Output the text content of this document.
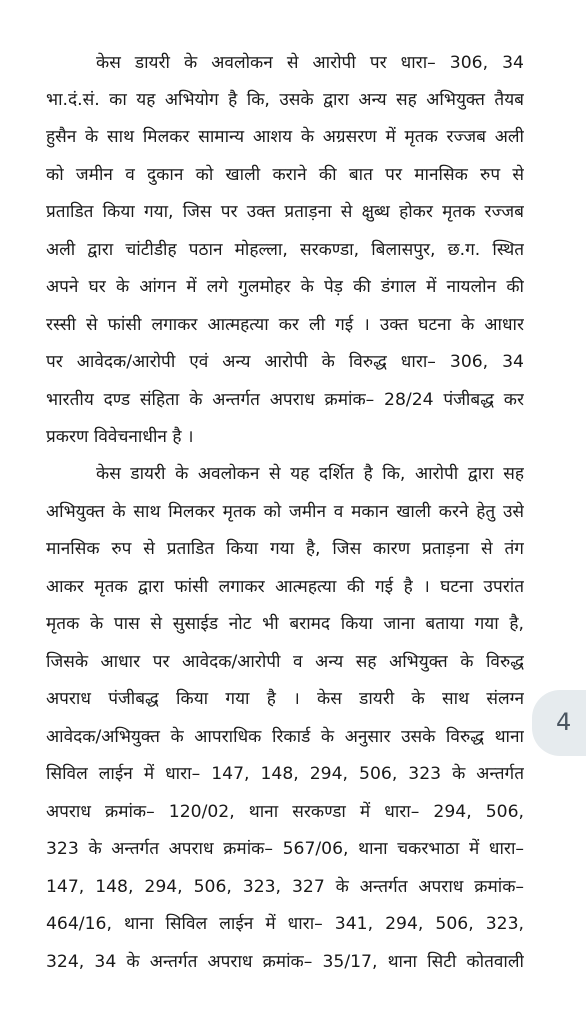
केस डायरी के अवलोकन से आरोपी पर धारा– 306, 34
भा.दं.सं. का यह अभियोग है कि, उसके द्वारा अन्य सह अभियुक्त तैयब
हुसैन के साथ मिलकर सामान्य आशय के अग्रसरण में मृतक रज्जब अली
को जमीन व दुकान को खाली कराने की बात पर मानसिक रुप से
प्रताडित किया गया, जिस पर उक्त प्रताड़ना से क्षुब्ध होकर मृतक रज्जब
अली द्वारा चांटीडीह पठान मोहल्ला, सरकण्डा, बिलासपुर, छ.ग. स्थित
अपने घर के आंगन में लगे गुलमोहर के पेड़ की डंगाल में नायलोन की
रस्सी से फांसी लगाकर आत्महत्या कर ली गई । उक्त घटना के आधार
पर आवेदक/आरोपी एवं अन्य आरोपी के विरुद्ध धारा– 306, 34
भारतीय दण्ड संहिता के अन्तर्गत अपराध क्रमांक– 28/24 पंजीबद्ध कर
प्रकरण विवेचनाधीन है ।
केस डायरी के अवलोकन से यह दर्शित है कि, आरोपी द्वारा सह
अभियुक्त के साथ मिलकर मृतक को जमीन व मकान खाली करने हेतु उसे
मानसिक रुप से प्रताडित किया गया है, जिस कारण प्रताड़ना से तंग
आकर मृतक द्वारा फांसी लगाकर आत्महत्या की गई है । घटना उपरांत
मृतक के पास से सुसाईड नोट भी बरामद किया जाना बताया गया है,
जिसके आधार पर आवेदक/आरोपी व अन्य सह अभियुक्त के विरुद्ध
अपराध पंजीबद्ध किया गया है । केस डायरी के साथ संलग्न
आवेदक/अभियुक्त के आपराधिक रिकार्ड के अनुसार उसके विरुद्ध थाना
सिविल लाईन में धारा– 147, 148, 294, 506, 323 के अन्तर्गत
अपराध क्रमांक– 120/02, थाना सरकण्डा में धारा– 294, 506,
323 के अन्तर्गत अपराध क्रमांक– 567/06, थाना चकरभाठा में धारा–
147, 148, 294, 506, 323, 327 के अन्तर्गत अपराध क्रमांक–
464/16, थाना सिविल लाईन में धारा– 341, 294, 506, 323,
324, 34 के अन्तर्गत अपराध क्रमांक– 35/17, थाना सिटी कोतवाली
4
